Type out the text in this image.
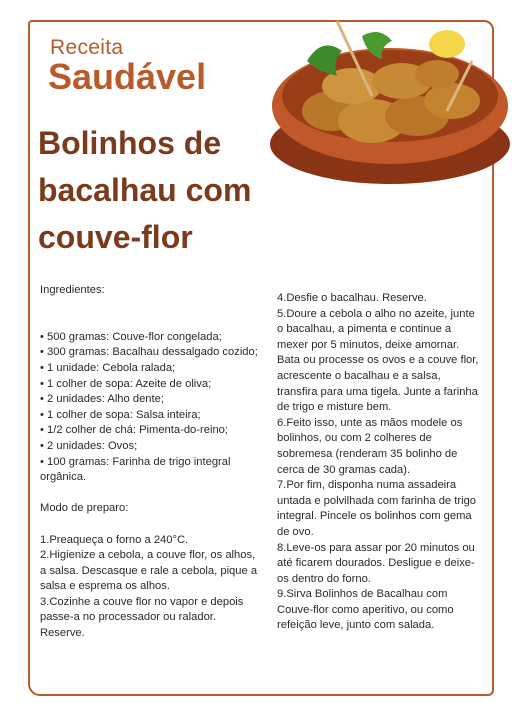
Receita
Saudável
Bolinhos de bacalhau com couve-flor
Ingredientes:
• 500 gramas: Couve-flor congelada;
• 300 gramas: Bacalhau dessalgado cozido;
• 1 unidade: Cebola ralada;
• 1 colher de sopa: Azeite de oliva;
• 2 unidades: Alho dente;
• 1 colher de sopa: Salsa inteira;
• 1/2 colher de chá: Pimenta-do-reino;
• 2 unidades: Ovos;
• 100 gramas: Farinha de trigo integral orgânica.
Modo de preparo:
1.Preaqueça o forno a 240°C.
2.Higienize a cebola, a couve flor, os alhos, a salsa. Descasque e rale a cebola, pique a salsa e esprema os alhos.
3.Cozinhe a couve flor no vapor e depois passe-a no processador ou ralador. Reserve.
4.Desfie o bacalhau. Reserve.
5.Doure a cebola o alho no azeite, junte o bacalhau, a pimenta e continue a mexer por 5 minutos, deixe amornar. Bata ou processe os ovos e a couve flor, acrescente o bacalhau e a salsa, transfira para uma tigela. Junte a farinha de trigo e misture bem.
6.Feito isso, unte as mãos modele os bolinhos, ou com 2 colheres de sobremesa (renderam 35 bolinho de cerca de 30 gramas cada).
7.Por fim, disponha numa assadeira untada e polvilhada com farinha de trigo integral. Pincele os bolinhos com gema de ovo.
8.Leve-os para assar por 20 minutos ou até ficarem dourados. Desligue e deixe-os dentro do forno.
9.Sirva Bolinhos de Bacalhau com Couve-flor como aperitivo, ou como refeição leve, junto com salada.
